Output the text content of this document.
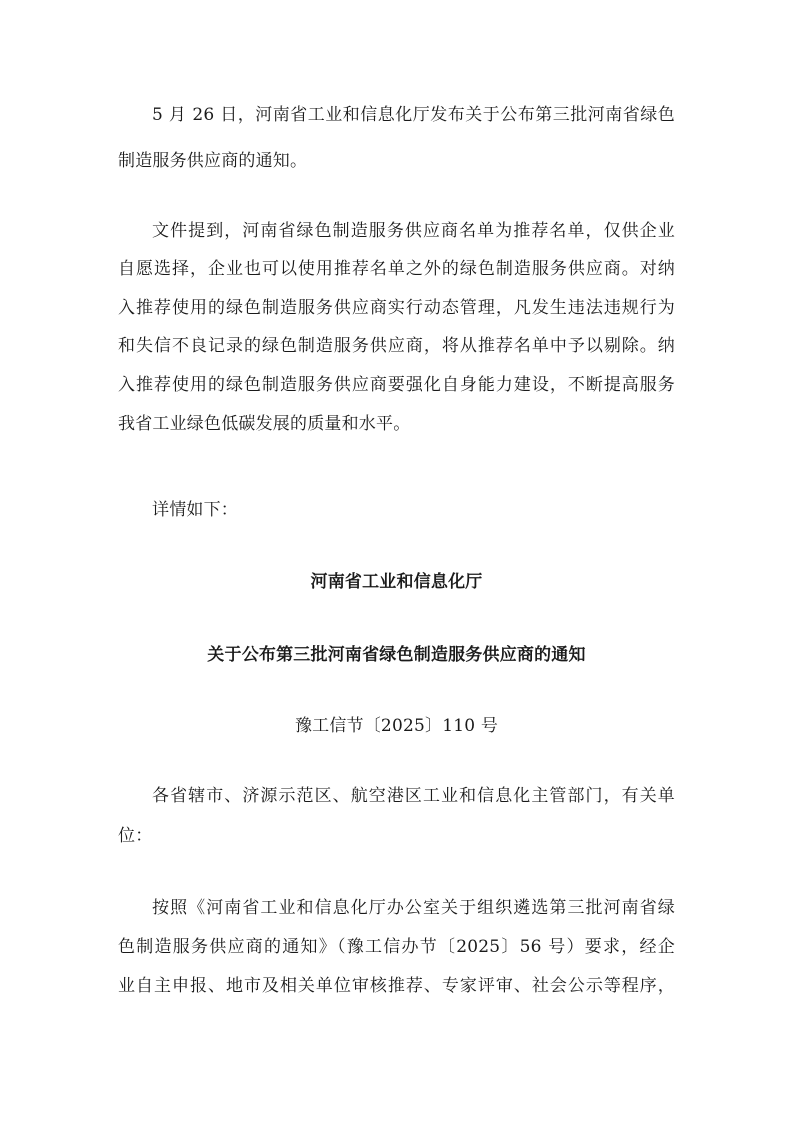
5 月 26 日，河南省工业和信息化厅发布关于公布第三批河南省绿色
制造服务供应商的通知。
文件提到，河南省绿色制造服务供应商名单为推荐名单，仅供企业
自愿选择，企业也可以使用推荐名单之外的绿色制造服务供应商。对纳
入推荐使用的绿色制造服务供应商实行动态管理，凡发生违法违规行为
和失信不良记录的绿色制造服务供应商，将从推荐名单中予以剔除。纳
入推荐使用的绿色制造服务供应商要强化自身能力建设，不断提高服务
我省工业绿色低碳发展的质量和水平。
详情如下：
河南省工业和信息化厅
关于公布第三批河南省绿色制造服务供应商的通知
豫工信节〔2025〕110 号
各省辖市、济源示范区、航空港区工业和信息化主管部门，有关单
位：
按照《河南省工业和信息化厅办公室关于组织遴选第三批河南省绿
色制造服务供应商的通知》（豫工信办节〔2025〕56 号）要求，经企
业自主申报、地市及相关单位审核推荐、专家评审、社会公示等程序，
